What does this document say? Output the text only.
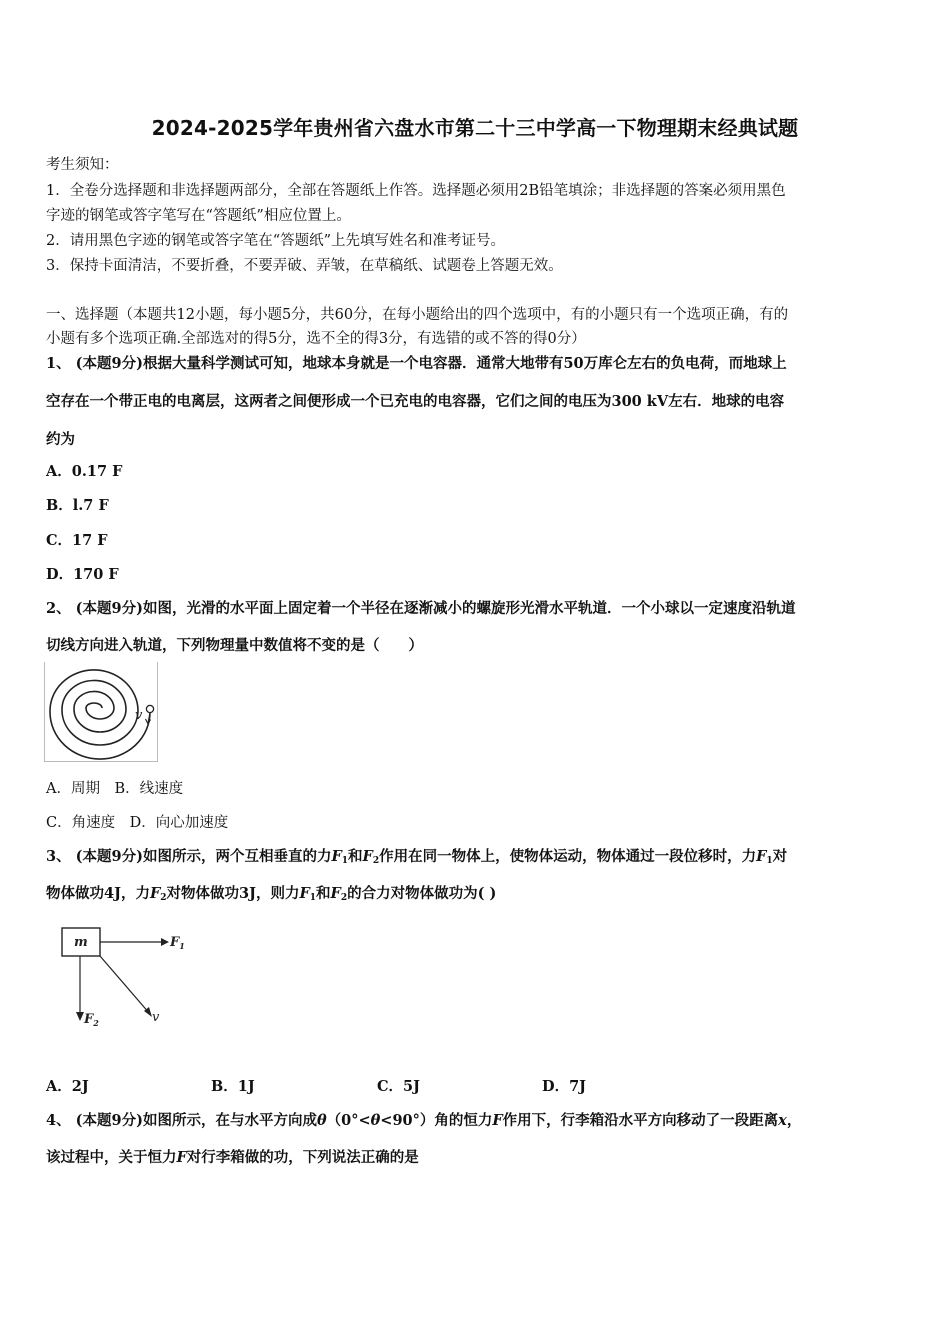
2024-2025学年贵州省六盘水市第二十三中学高一下物理期末经典试题
考生须知：
1．全卷分选择题和非选择题两部分，全部在答题纸上作答。选择题必须用2B铅笔填涂；非选择题的答案必须用黑色
字迹的钢笔或答字笔写在“答题纸”相应位置上。
2．请用黑色字迹的钢笔或答字笔在“答题纸”上先填写姓名和准考证号。
3．保持卡面清洁，不要折叠，不要弄破、弄皱，在草稿纸、试题卷上答题无效。
一、选择题（本题共12小题，每小题5分，共60分，在每小题给出的四个选项中，有的小题只有一个选项正确，有的
小题有多个选项正确.全部选对的得5分，选不全的得3分，有选错的或不答的得0分）
1、 (本题9分)根据大量科学测试可知，地球本身就是一个电容器．通常大地带有50万库仑左右的负电荷，而地球上
空存在一个带正电的电离层，这两者之间便形成一个已充电的电容器，它们之间的电压为300 kV左右．地球的电容
约为
A．0.17 F
B．l.7 F
C．17 F
D．170 F
2、 (本题9分)如图，光滑的水平面上固定着一个半径在逐渐减小的螺旋形光滑水平轨道．一个小球以一定速度沿轨道
切线方向进入轨道，下列物理量中数值将不变的是（　　）
v
A．周期　B．线速度
C．角速度　D．向心加速度
3、 (本题9分)如图所示，两个互相垂直的力$F_1$和$F_2$作用在同一物体上，使物体运动，物体通过一段位移时，力$F_1$对
物体做功4J，力$F_2$对物体做功3J，则力$F_1$和$F_2$的合力对物体做功为( )
m	$F_1$
$F_2$	v
A．2J	B．1J	C．5J	D．7J
4、 (本题9分)如图所示，在与水平方向成θ（0°<θ<90°）角的恒力F作用下，行李箱沿水平方向移动了一段距离x，
该过程中，关于恒力F对行李箱做的功，下列说法正确的是
